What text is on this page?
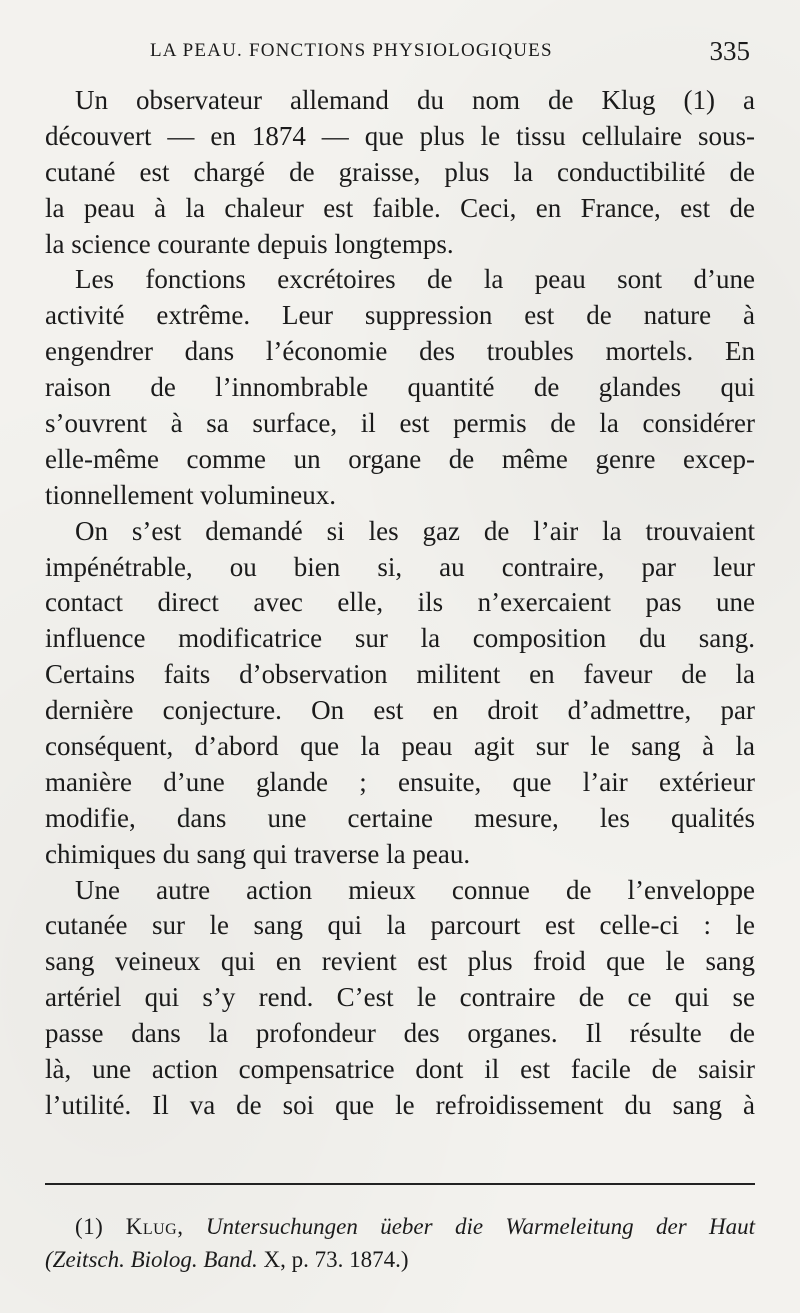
LA PEAU. FONCTIONS PHYSIOLOGIQUES	335
Un observateur allemand du nom de Klug (1) a
découvert — en 1874 — que plus le tissu cellulaire sous-
cutané est chargé de graisse, plus la conductibilité de
la peau à la chaleur est faible. Ceci, en France, est de
la science courante depuis longtemps.
Les fonctions excrétoires de la peau sont d’une
activité extrême. Leur suppression est de nature à
engendrer dans l’économie des troubles mortels. En
raison de l’innombrable quantité de glandes qui
s’ouvrent à sa surface, il est permis de la considérer
elle-même comme un organe de même genre excep-
tionnellement volumineux.
On s’est demandé si les gaz de l’air la trouvaient
impénétrable, ou bien si, au contraire, par leur
contact direct avec elle, ils n’exercaient pas une
influence modificatrice sur la composition du sang.
Certains faits d’observation militent en faveur de la
dernière conjecture. On est en droit d’admettre, par
conséquent, d’abord que la peau agit sur le sang à la
manière d’une glande ; ensuite, que l’air extérieur
modifie, dans une certaine mesure, les qualités
chimiques du sang qui traverse la peau.
Une autre action mieux connue de l’enveloppe
cutanée sur le sang qui la parcourt est celle-ci : le
sang veineux qui en revient est plus froid que le sang
artériel qui s’y rend. C’est le contraire de ce qui se
passe dans la profondeur des organes. Il résulte de
là, une action compensatrice dont il est facile de saisir
l’utilité. Il va de soi que le refroidissement du sang à
(1) Klug, Untersuchungen üeber die Warmeleitung der Haut
(Zeitsch. Biolog. Band. X, p. 73. 1874.)
